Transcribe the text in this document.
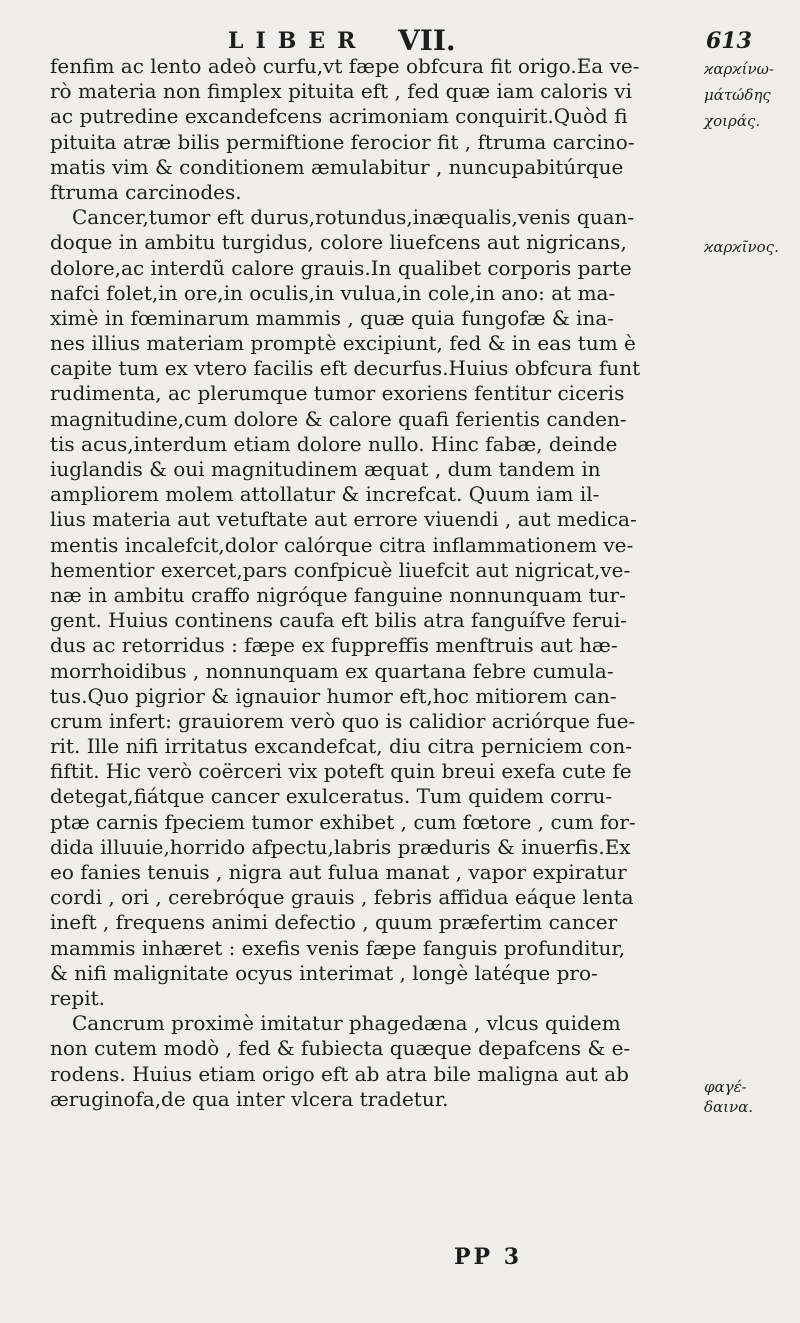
LIBER VII.	613
fenfim ac lento adeò curfu,vt fæpe obfcura fit origo.Ea ve-
rò materia non fimplex pituita eft , fed quæ iam caloris vi
ac putredine excandefcens acrimoniam conquirit.Quòd fi
pituita atræ bilis permiftione ferocior fit , ftruma carcino-
matis vim & conditionem æmulabitur , nuncupabitúrque
ftruma carcinodes.
Cancer,tumor eft durus,rotundus,inæqualis,venis quan-
doque in ambitu turgidus, colore liuefcens aut nigricans,
dolore,ac interdũ calore grauis.In qualibet corporis parte
nafci folet,in ore,in oculis,in vulua,in cole,in ano: at ma-
ximè in fœminarum mammis , quæ quia fungofæ & ina-
nes illius materiam promptè excipiunt, fed & in eas tum è
capite tum ex vtero facilis eft decurfus.Huius obfcura funt
rudimenta, ac plerumque tumor exoriens fentitur ciceris
magnitudine,cum dolore & calore quafi ferientis canden-
tis acus,interdum etiam dolore nullo. Hinc fabæ, deinde
iuglandis & oui magnitudinem æquat , dum tandem in
ampliorem molem attollatur & increfcat. Quum iam il-
lius materia aut vetuftate aut errore viuendi , aut medica-
mentis incalefcit,dolor calórque citra inflammationem ve-
hementior exercet,pars confpicuè liuefcit aut nigricat,ve-
næ in ambitu craffo nigróque fanguine nonnunquam tur-
gent. Huius continens caufa eft bilis atra fanguífve ferui-
dus ac retorridus : fæpe ex fuppreffis menftruis aut hæ-
morrhoidibus , nonnunquam ex quartana febre cumula-
tus.Quo pigrior & ignauior humor eft,hoc mitiorem can-
crum infert: grauiorem verò quo is calidior acriórque fue-
rit. Ille nifi irritatus excandefcat, diu citra perniciem con-
fiftit. Hic verò coërceri vix poteft quin breui exefa cute fe
detegat,fiátque cancer exulceratus. Tum quidem corru-
ptæ carnis fpeciem tumor exhibet , cum fœtore , cum for-
dida illuuie,horrido afpectu,labris præduris & inuerfis.Ex
eo fanies tenuis , nigra aut fulua manat , vapor expiratur
cordi , ori , cerebróque grauis , febris affidua eáque lenta
ineft , frequens animi defectio , quum præfertim cancer
mammis inhæret : exefis venis fæpe fanguis profunditur,
& nifi malignitate ocyus interimat , longè latéque pro-
repit.
Cancrum proximè imitatur phagedæna , vlcus quidem
non cutem modò , fed & fubiecta quæque depafcens & e-
rodens. Huius etiam origo eft ab atra bile maligna aut ab
æruginofa,de qua inter vlcera tradetur.
ϰαρϰίνω-
μάτώδης
χοιράς.
ϰαρϰῖνος.
φαγέ-
δαινα.
PP 3
